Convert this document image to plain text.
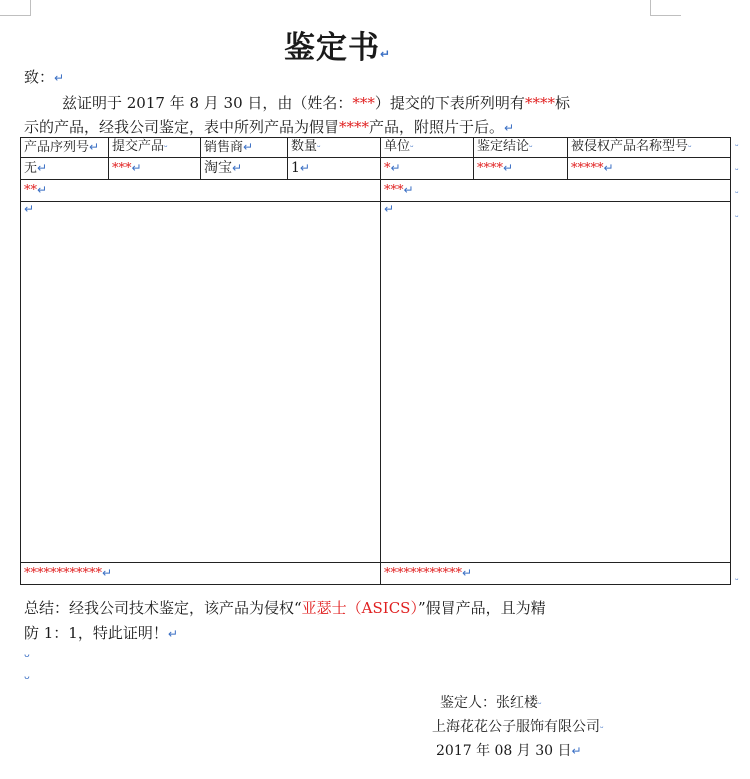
鉴定书↵
致：↵
兹证明于 2017 年 8 月 30 日，由（姓名：***）提交的下表所列明有****标
示的产品，经我公司鉴定，表中所列产品为假冒****产品，附照片于后。↵
产品序列号↵	提交产品ᵕ	销售商↵	数量ᵕ	单位ᵕ	鉴定结论ᵕ	被侵权产品名称型号ᵕ
无↵	***↵	淘宝↵	1↵	*↵	****↵	*****↵
**↵				***↵		
↵				↵		
************↵				************↵		
ᵕ
ᵕ
ᵕ
ᵕ
ᵕ
总结：经我公司技术鉴定，该产品为侵权“亚瑟士（ASICS）”假冒产品，且为精
防 1：1，特此证明！↵
ᵕ
ᵕ
鉴定人：张红楼ᵕ
上海花花公子服饰有限公司ᵕ
2017 年 08 月 30 日↵
